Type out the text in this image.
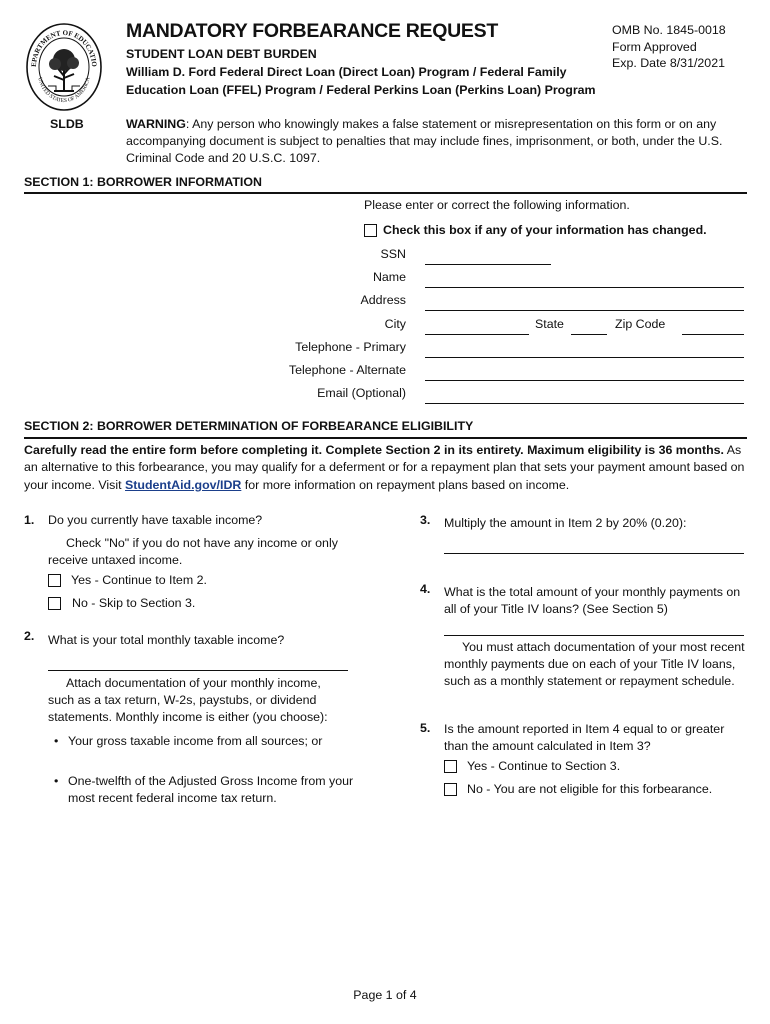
EPARTMENT OF EDUCATIO
UNITED STATES OF AMERICA
MANDATORY FORBEARANCE REQUEST
STUDENT LOAN DEBT BURDEN
William D. Ford Federal Direct Loan (Direct Loan) Program / Federal Family
Education Loan (FFEL) Program / Federal Perkins Loan (Perkins Loan) Program
OMB No. 1845-0018
Form Approved
Exp. Date 8/31/2021
SLDB	WARNING: Any person who knowingly makes a false statement or misrepresentation on this form or on any accompanying document is subject to penalties that may include fines, imprisonment, or both, under the U.S. Criminal Code and 20 U.S.C. 1097.
SECTION 1: BORROWER INFORMATION
Please enter or correct the following information.
Check this box if any of your information has changed.
SSN
Name
Address
City	State	Zip Code
Telephone - Primary
Telephone - Alternate
Email (Optional)
SECTION 2: BORROWER DETERMINATION OF FORBEARANCE ELIGIBILITY
Carefully read the entire form before completing it. Complete Section 2 in its entirety. Maximum eligibility is 36 months. As an alternative to this forbearance, you may qualify for a deferment or for a repayment plan that sets your payment amount based on your income. Visit StudentAid.gov/IDR for more information on repayment plans based on income.
1. Do you currently have taxable income?
Check "No" if you do not have any income or only receive untaxed income.
Yes - Continue to Item 2.
No - Skip to Section 3.
2. What is your total monthly taxable income?
Attach documentation of your monthly income, such as a tax return, W-2s, paystubs, or dividend statements. Monthly income is either (you choose):
• Your gross taxable income from all sources; or
• One-twelfth of the Adjusted Gross Income from your most recent federal income tax return.
3. Multiply the amount in Item 2 by 20% (0.20):
4. What is the total amount of your monthly payments on all of your Title IV loans? (See Section 5)
You must attach documentation of your most recent monthly payments due on each of your Title IV loans, such as a monthly statement or repayment schedule.
5. Is the amount reported in Item 4 equal to or greater than the amount calculated in Item 3?
Yes - Continue to Section 3.
No - You are not eligible for this forbearance.
Page 1 of 4
